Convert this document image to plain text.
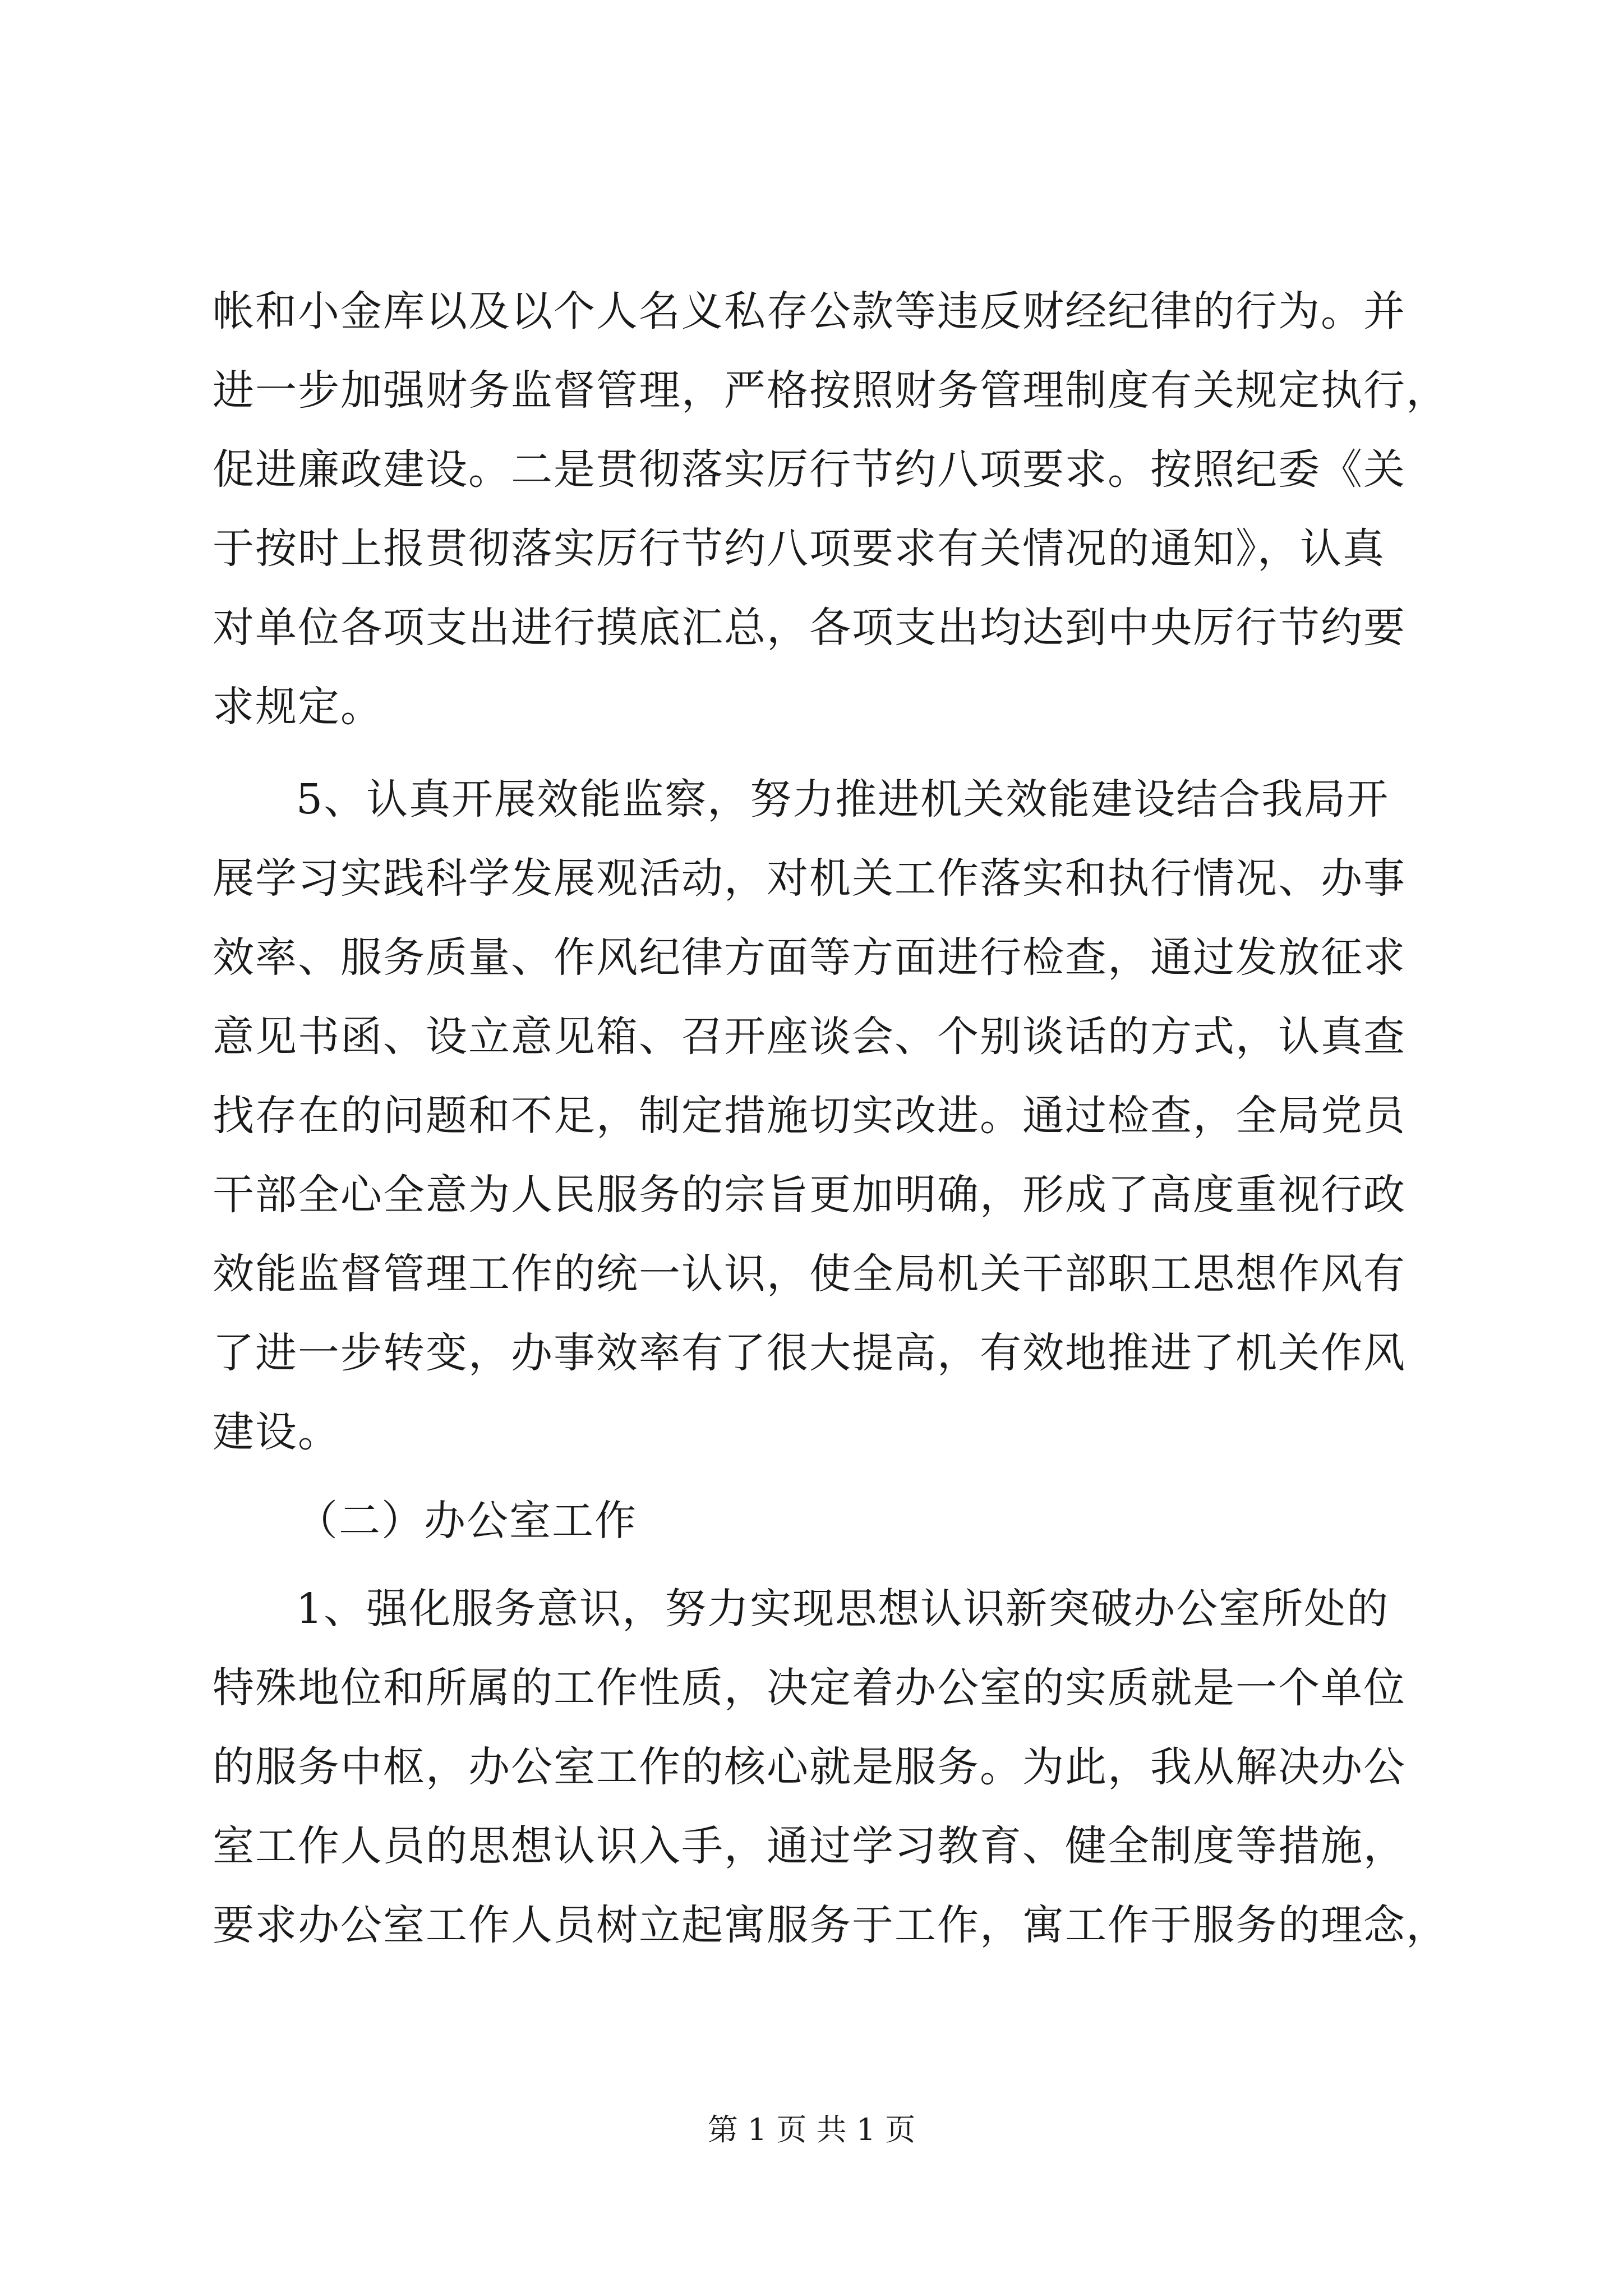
帐和小金库以及以个人名义私存公款等违反财经纪律的行为。并
进一步加强财务监督管理，严格按照财务管理制度有关规定执行，
促进廉政建设。二是贯彻落实厉行节约八项要求。按照纪委《关
于按时上报贯彻落实厉行节约八项要求有关情况的通知》，认真
对单位各项支出进行摸底汇总，各项支出均达到中央厉行节约要
求规定。
5、认真开展效能监察，努力推进机关效能建设结合我局开
展学习实践科学发展观活动，对机关工作落实和执行情况、办事
效率、服务质量、作风纪律方面等方面进行检查，通过发放征求
意见书函、设立意见箱、召开座谈会、个别谈话的方式，认真查
找存在的问题和不足，制定措施切实改进。通过检查，全局党员
干部全心全意为人民服务的宗旨更加明确，形成了高度重视行政
效能监督管理工作的统一认识，使全局机关干部职工思想作风有
了进一步转变，办事效率有了很大提高，有效地推进了机关作风
建设。
（二）办公室工作
1、强化服务意识，努力实现思想认识新突破办公室所处的
特殊地位和所属的工作性质，决定着办公室的实质就是一个单位
的服务中枢，办公室工作的核心就是服务。为此，我从解决办公
室工作人员的思想认识入手，通过学习教育、健全制度等措施，
要求办公室工作人员树立起寓服务于工作，寓工作于服务的理念，
第 1 页 共 1 页
